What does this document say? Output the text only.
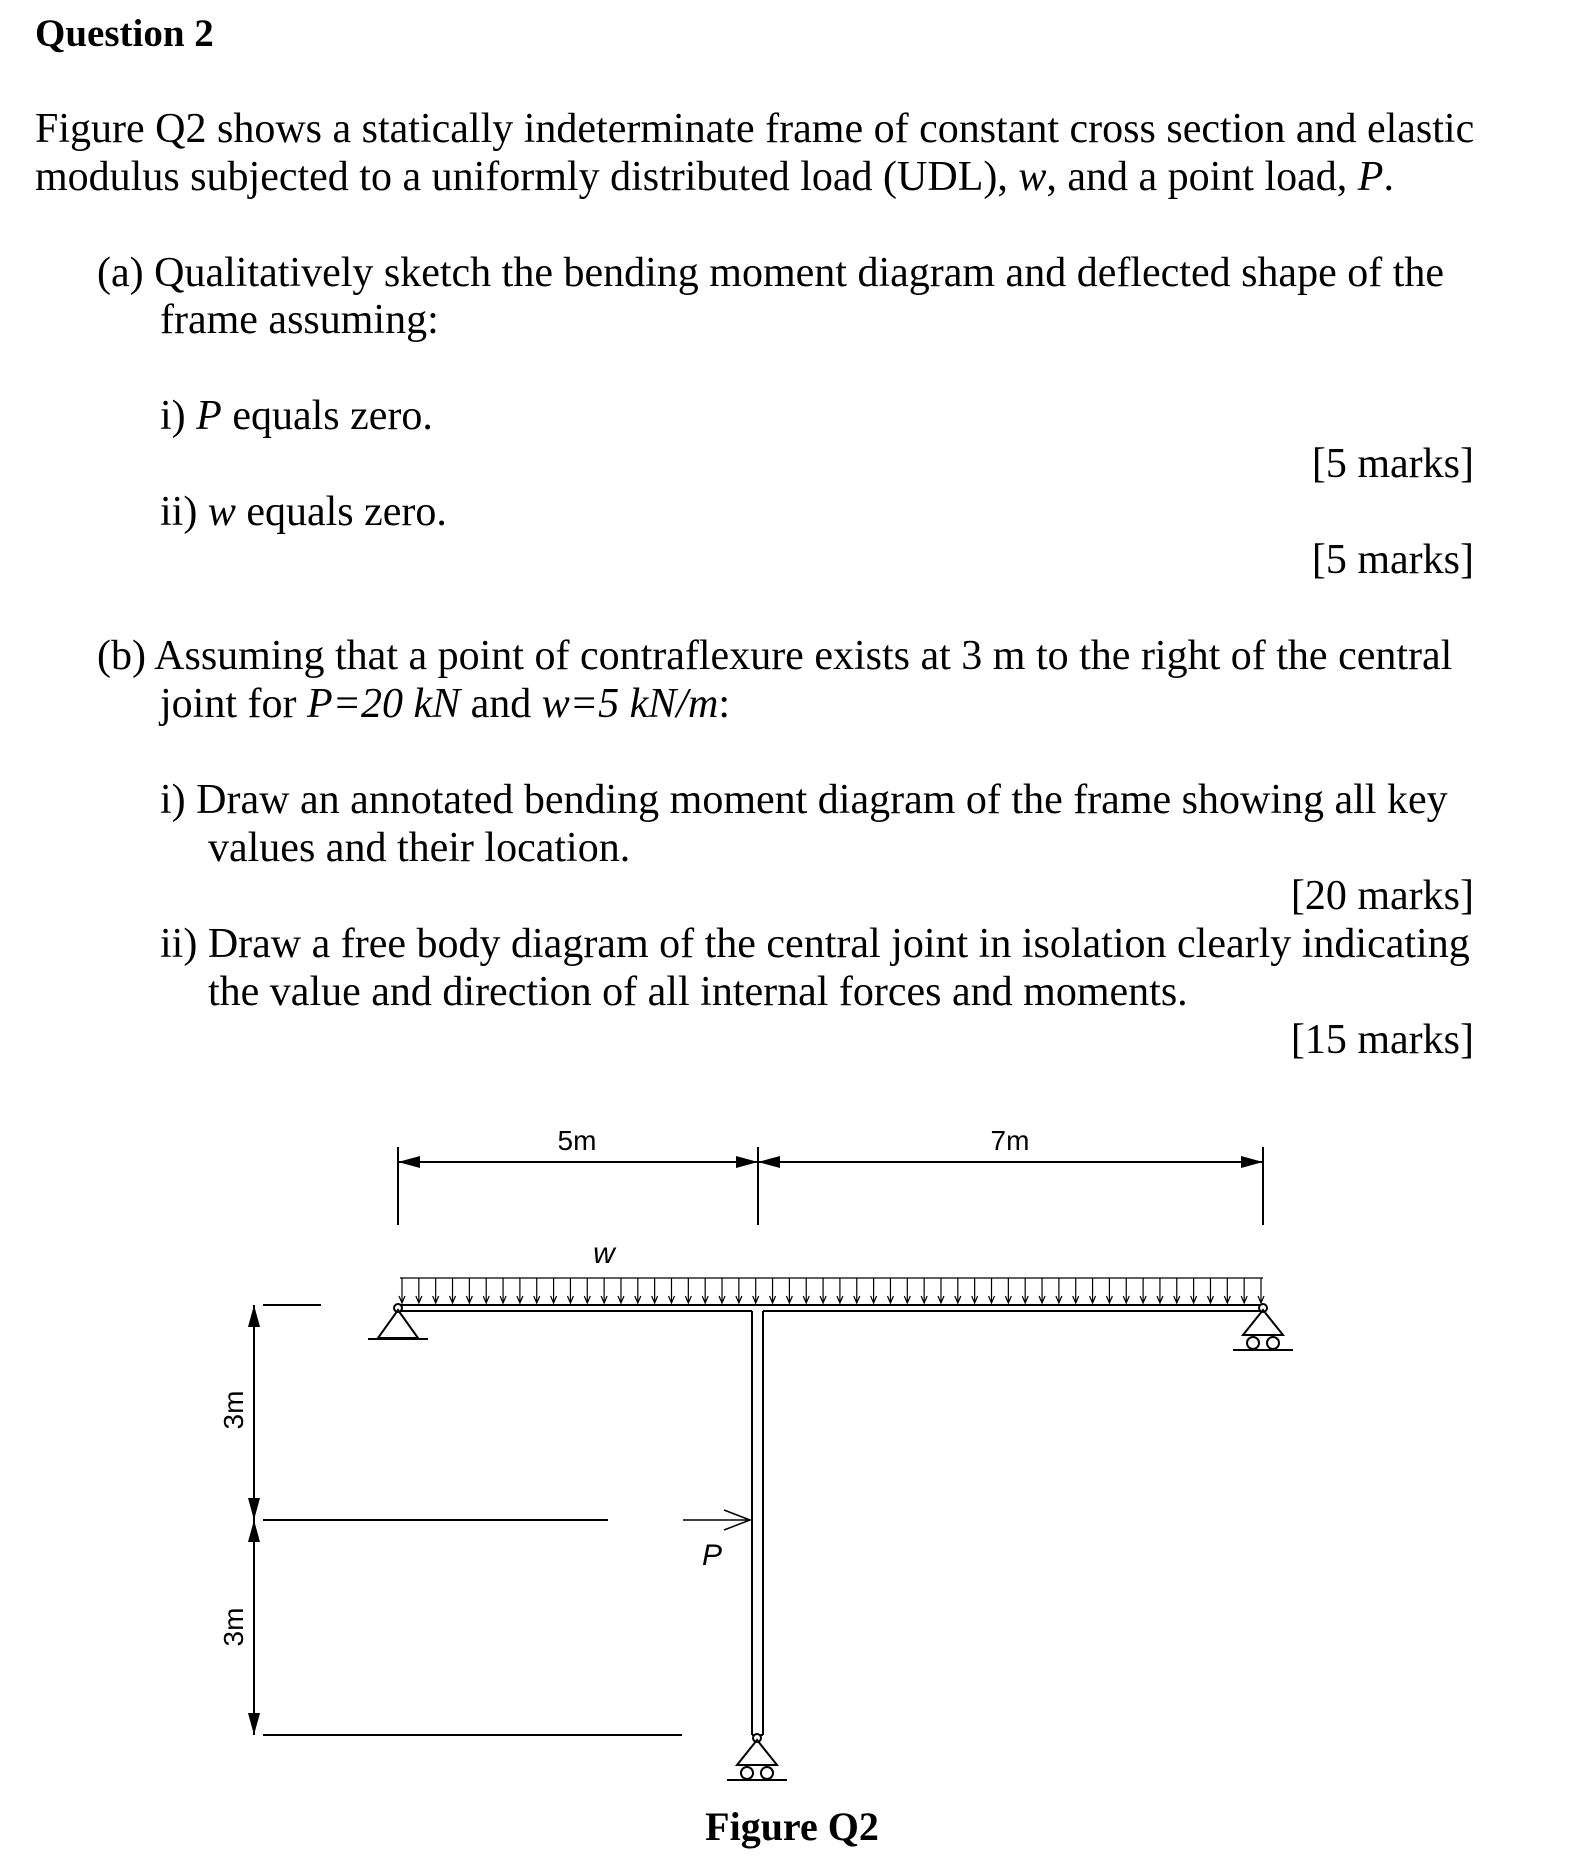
Question 2
Figure Q2 shows a statically indeterminate frame of constant cross section and elastic
modulus subjected to a uniformly distributed load (UDL), w, and a point load, P.
(a) Qualitatively sketch the bending moment diagram and deflected shape of the
frame assuming:
i) P equals zero.
[5 marks]
ii) w equals zero.
[5 marks]
(b) Assuming that a point of contraflexure exists at 3 m to the right of the central
joint for P=20 kN and w=5 kN/m:
i) Draw an annotated bending moment diagram of the frame showing all key
values and their location.
[20 marks]
ii) Draw a free body diagram of the central joint in isolation clearly indicating
the value and direction of all internal forces and moments.
[15 marks]
5m	7m
w
P
3m
3m
Figure Q2
